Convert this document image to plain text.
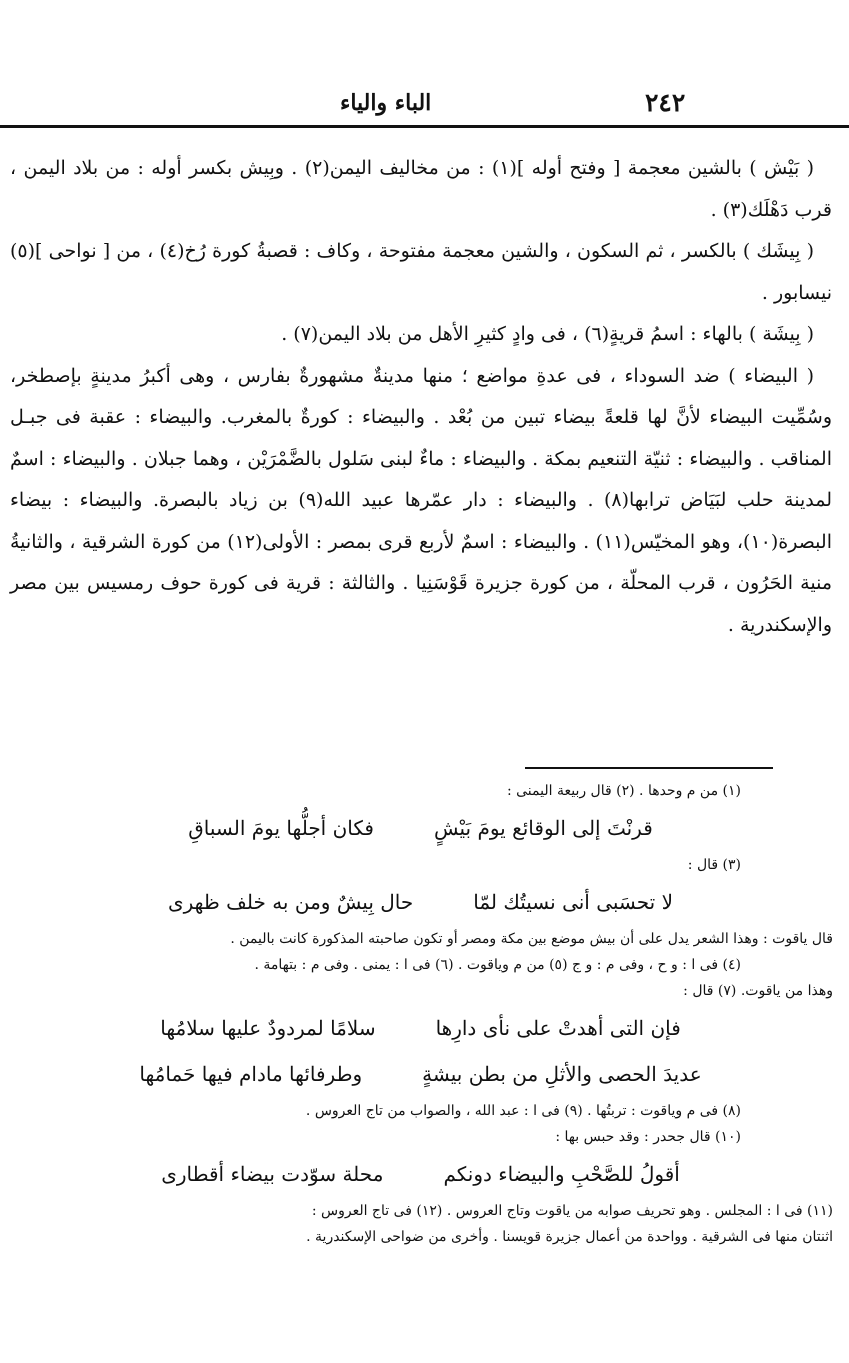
٢٤٢
الباء والياء

( بَيْش ) بالشين معجمة [ وفتح أوله ](١) : من مخاليف اليمن(٢) . وبِيش بكسر أوله : من بلاد اليمن ، قرب دَهْلَك(٣) .

( بِيشَك ) بالكسر ، ثم السكون ، والشين معجمة مفتوحة ، وكاف : قصبةُ كورة رُخ(٤) ، من [ نواحى ](٥) نيسابور .

( بِيشَة ) بالهاء : اسمُ قريةٍ(٦) ، فى وادٍ كثيرِ الأهل من بلاد اليمن(٧) .

( البيضاء ) ضد السوداء ، فى عدةِ مواضع ؛ منها مدينةٌ مشهورةٌ بفارس ، وهى أكبرُ مدينةٍ بإصطخر، وسُمِّيت البيضاء لأنَّ لها قلعةً بيضاء تبين من بُعْد . والبيضاء : كورةٌ بالمغرب. والبيضاء : عقبة فى جبـل المناقب . والبيضاء : ثنيّة التنعيم بمكة . والبيضاء : ماءٌ لبنى سَلول بالضَّمْرَيْن ، وهما جبلان . والبيضاء : اسمٌ لمدينة حلب لبَيَاض ترابها(٨) . والبيضاء : دار عمّرها عبيد الله(٩) بن زياد بالبصرة. والبيضاء : بيضاء البصرة(١٠)، وهو المخيّس(١١) . والبيضاء : اسمٌ لأربع قرى بمصر : الأولى(١٢) من كورة الشرقية ، والثانيةُ منية الحَرُون ، قرب المحلّة ، من كورة جزيرة قَوْسَنِيا . والثالثة : قرية فى كورة حوف رمسيس بين مصر والإسكندرية .

(١) من م وحدها . (٢) قال ربيعة اليمنى :

قرنْتَ إلى الوقائع يومَ بَيْشٍ
فكان أجلُّها يومَ السباقِ

(٣) قال :

لا تحسَبى أنى نسيتُك لمّا
حال بِيشٌ ومن به خلف ظهرى

قال ياقوت : وهذا الشعر يدل على أن بيش موضع بين مكة ومصر أو تكون صاحبته المذكورة كانت باليمن .

(٤) فى ا : و ح ، وفى م : و ج (٥) من م وياقوت . (٦) فى ا : يمنى . وفى م : بتهامة .

وهذا من ياقوت. (٧) قال :

فإن التى أهدتْ على نأى دارِها
سلامًا لمردودٌ عليها سلامُها
عديدَ الحصى والأثلِ من بطن بيشةٍ
وطرفائها مادام فيها حَمامُها

(٨) فى م وياقوت : تربتُها . (٩) فى ا : عبد الله ، والصواب من تاج العروس .

(١٠) قال جحدر : وقد حبس بها :

أقولُ للصَّحْبِ والبيضاء دونكم
محلة سوّدت بيضاء أقطارى

(١١) فى ا : المجلس . وهو تحريف صوابه من ياقوت وتاج العروس . (١٢) فى تاج العروس :

اثنتان منها فى الشرقية . وواحدة من أعمال جزيرة قويسنا . وأخرى من ضواحى الإسكندرية .
